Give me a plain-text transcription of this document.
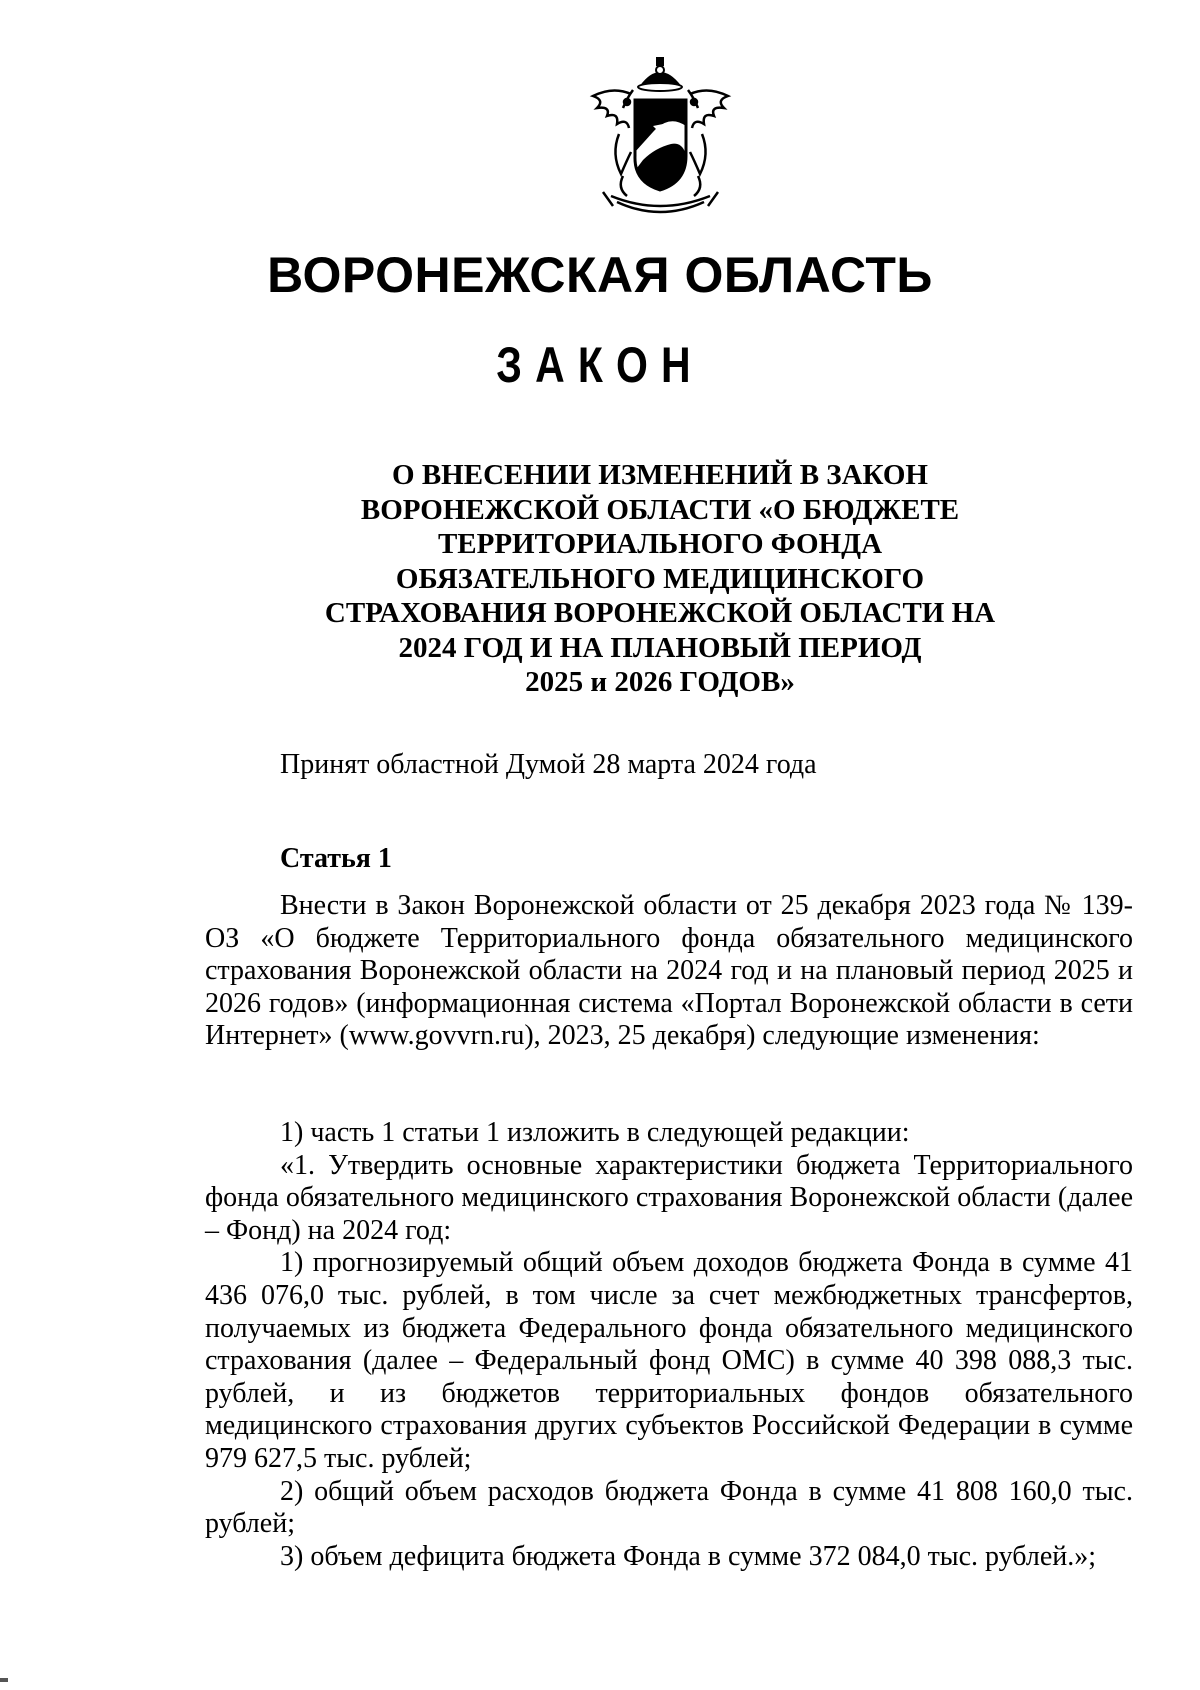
ВОРОНЕЖСКАЯ ОБЛАСТЬ
ЗАКОН
О ВНЕСЕНИИ ИЗМЕНЕНИЙ В ЗАКОН
ВОРОНЕЖСКОЙ ОБЛАСТИ «О БЮДЖЕТЕ
ТЕРРИТОРИАЛЬНОГО ФОНДА
ОБЯЗАТЕЛЬНОГО МЕДИЦИНСКОГО
СТРАХОВАНИЯ ВОРОНЕЖСКОЙ ОБЛАСТИ НА
2024 ГОД И НА ПЛАНОВЫЙ ПЕРИОД
2025 и 2026 ГОДОВ»
Принят областной Думой 28 марта 2024 года
Статья 1

Внести в Закон Воронежской области от 25 декабря 2023 года № 139-ОЗ «О бюджете Территориального фонда обязательного медицинского страхования Воронежской области на 2024 год и на плановый период 2025 и 2026 годов» (информационная система «Портал Воронежской области в сети Интернет» (www.govvrn.ru), 2023, 25 декабря) следующие изменения:

1) часть 1 статьи 1 изложить в следующей редакции:

«1. Утвердить основные характеристики бюджета Территориального фонда обязательного медицинского страхования Воронежской области (далее – Фонд) на 2024 год:

1) прогнозируемый общий объем доходов бюджета Фонда в сумме 41 436 076,0 тыс. рублей, в том числе за счет межбюджетных трансфертов, получаемых из бюджета Федерального фонда обязательного медицинского страхования (далее – Федеральный фонд ОМС) в сумме 40 398 088,3 тыс. рублей, и из бюджетов территориальных фондов обязательного медицинского страхования других субъектов Российской Федерации в сумме 979 627,5 тыс. рублей;

2) общий объем расходов бюджета Фонда в сумме 41 808 160,0 тыс. рублей;

3) объем дефицита бюджета Фонда в сумме 372 084,0 тыс. рублей.»;
